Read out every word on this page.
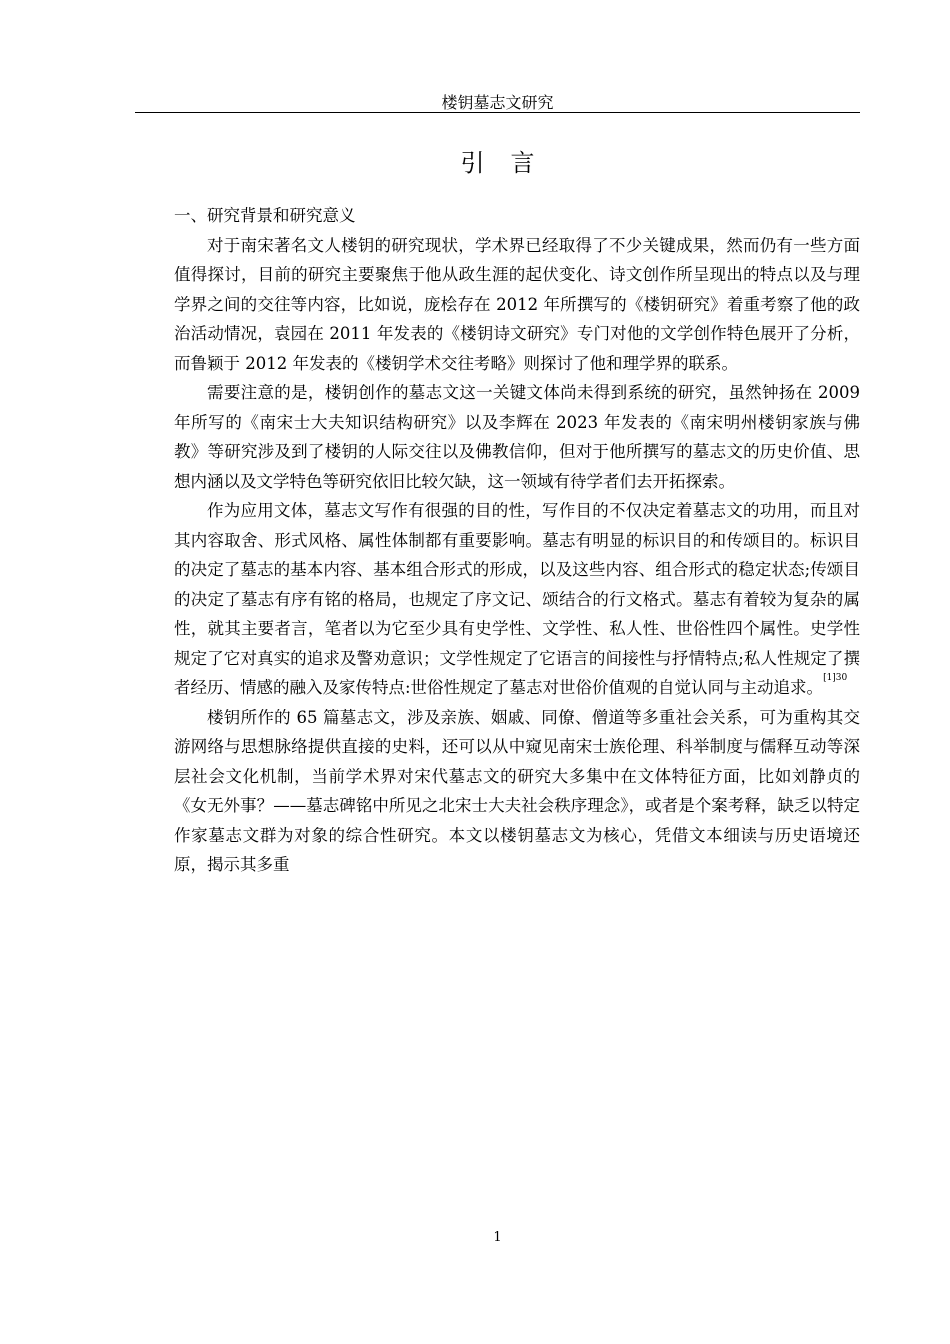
楼钥墓志文研究
引 言
一、研究背景和研究意义

对于南宋著名文人楼钥的研究现状，学术界已经取得了不少关键成果，然而仍有一些方面值得探讨，目前的研究主要聚焦于他从政生涯的起伏变化、诗文创作所呈现出的特点以及与理学界之间的交往等内容，比如说，庞桧存在 2012 年所撰写的《楼钥研究》着重考察了他的政治活动情况，袁园在 2011 年发表的《楼钥诗文研究》专门对他的文学创作特色展开了分析，而鲁颖于 2012 年发表的《楼钥学术交往考略》则探讨了他和理学界的联系。

需要注意的是，楼钥创作的墓志文这一关键文体尚未得到系统的研究，虽然钟扬在 2009 年所写的《南宋士大夫知识结构研究》以及李辉在 2023 年发表的《南宋明州楼钥家族与佛教》等研究涉及到了楼钥的人际交往以及佛教信仰，但对于他所撰写的墓志文的历史价值、思想内涵以及文学特色等研究依旧比较欠缺，这一领域有待学者们去开拓探索。

作为应用文体，墓志文写作有很强的目的性，写作目的不仅决定着墓志文的功用，而且对其内容取舍、形式风格、属性体制都有重要影响。墓志有明显的标识目的和传颂目的。标识目的决定了墓志的基本内容、基本组合形式的形成，以及这些内容、组合形式的稳定状态;传颂目的决定了墓志有序有铭的格局，也规定了序文记、颂结合的行文格式。墓志有着较为复杂的属性，就其主要者言，笔者以为它至少具有史学性、文学性、私人性、世俗性四个属性。史学性规定了它对真实的追求及警劝意识；文学性规定了它语言的间接性与抒情特点;私人性规定了撰者经历、情感的融入及家传特点:世俗性规定了墓志对世俗价值观的自觉认同与主动追求。$^{[1]30}$

楼钥所作的 65 篇墓志文，涉及亲族、姻戚、同僚、僧道等多重社会关系，可为重构其交游网络与思想脉络提供直接的史料，还可以从中窥见南宋士族伦理、科举制度与儒释互动等深层社会文化机制，当前学术界对宋代墓志文的研究大多集中在文体特征方面，比如刘静贞的《女无外事？——墓志碑铭中所见之北宋士大夫社会秩序理念》，或者是个案考释，缺乏以特定作家墓志文群为对象的综合性研究。本文以楼钥墓志文为核心，凭借文本细读与历史语境还原，揭示其多重

1
